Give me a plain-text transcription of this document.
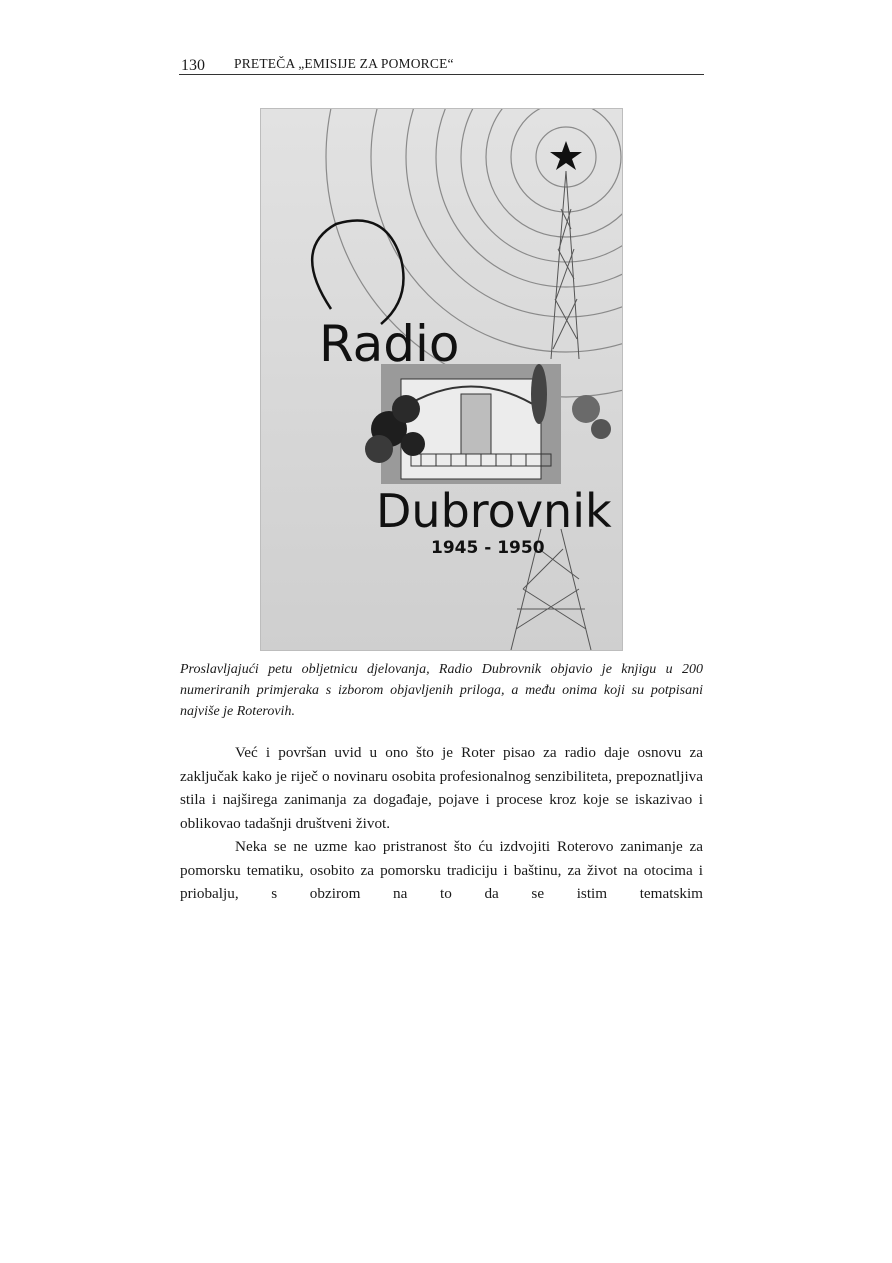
130 PRETEČA „EMISIJE ZA POMORCE“
Radio
Dubrovnik
1945 - 1950
Proslavljajući petu obljetnicu djelovanja, Radio Dubrovnik objavio je knjigu u 200 numeriranih primjeraka s izborom objavljenih priloga, a među onima koji su potpisani najviše je Roterovih.

Već i površan uvid u ono što je Roter pisao za radio daje osnovu za zaključak kako je riječ o novinaru osobita profesionalnog senzibiliteta, prepoznatljiva stila i najširega zanimanja za događaje, pojave i procese kroz koje se iskazivao i oblikovao tadašnji društveni život.

Neka se ne uzme kao pristranost što ću izdvojiti Roterovo zanimanje za pomorsku tematiku, osobito za pomorsku tradiciju i baštinu, za život na otocima i priobalju, s obzirom na to da se istim tematskim
